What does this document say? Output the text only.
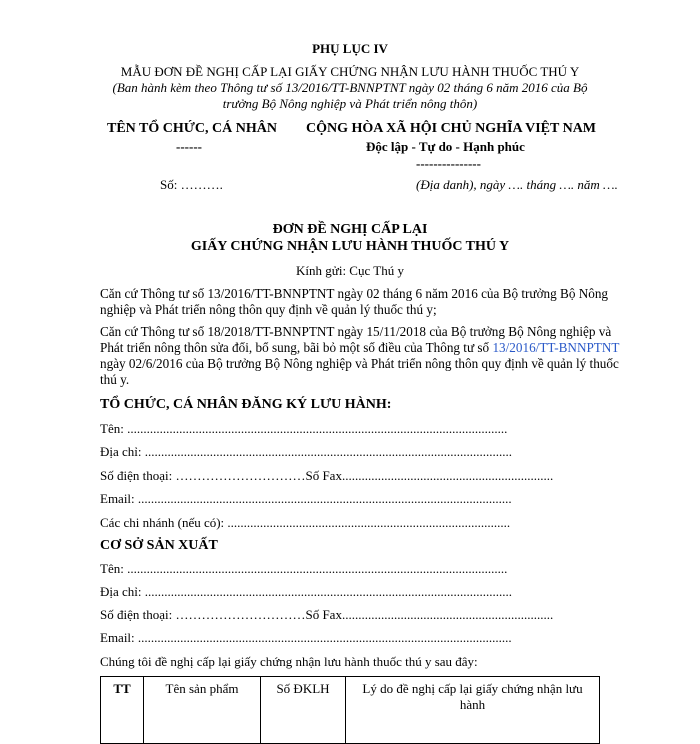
PHỤ LỤC IV
MẪU ĐƠN ĐỀ NGHỊ CẤP LẠI GIẤY CHỨNG NHẬN LƯU HÀNH THUỐC THÚ Y
(Ban hành kèm theo Thông tư số 13/2016/TT-BNNPTNT ngày 02 tháng 6 năm 2016 của Bộ
trưởng Bộ Nông nghiệp và Phát triển nông thôn)
TÊN TỔ CHỨC, CÁ NHÂN
------
Số: ……….
CỘNG HÒA XÃ HỘI CHỦ NGHĨA VIỆT NAM
Độc lập - Tự do - Hạnh phúc
---------------
(Địa danh), ngày …. tháng …. năm ….
ĐƠN ĐỀ NGHỊ CẤP LẠI
GIẤY CHỨNG NHẬN LƯU HÀNH THUỐC THÚ Y
Kính gửi: Cục Thú y
Căn cứ Thông tư số 13/2016/TT-BNNPTNT ngày 02 tháng 6 năm 2016 của Bộ trưởng Bộ Nông nghiệp và Phát triển nông thôn quy định về quản lý thuốc thú y;
Căn cứ Thông tư số 18/2018/TT-BNNPTNT ngày 15/11/2018 của Bộ trưởng Bộ Nông nghiệp và Phát triển nông thôn sửa đổi, bổ sung, bãi bỏ một số điều của Thông tư số 13/2016/TT-BNNPTNT ngày 02/6/2016 của Bộ trưởng Bộ Nông nghiệp và Phát triển nông thôn quy định về quản lý thuốc thú y.
TỔ CHỨC, CÁ NHÂN ĐĂNG KÝ LƯU HÀNH:
Tên: .....................................................................................................................
Địa chỉ: .................................................................................................................
Số điện thoại: …………………………Số Fax.................................................................
Email: ...................................................................................................................
Các chi nhánh (nếu có): .......................................................................................
CƠ SỞ SẢN XUẤT
Tên: .....................................................................................................................
Địa chỉ: .................................................................................................................
Số điện thoại: …………………………Số Fax.................................................................
Email: ...................................................................................................................
Chúng tôi đề nghị cấp lại giấy chứng nhận lưu hành thuốc thú y sau đây:
TT	Tên sản phẩm	Số ĐKLH	Lý do đề nghị cấp lại giấy chứng nhận lưu hành
